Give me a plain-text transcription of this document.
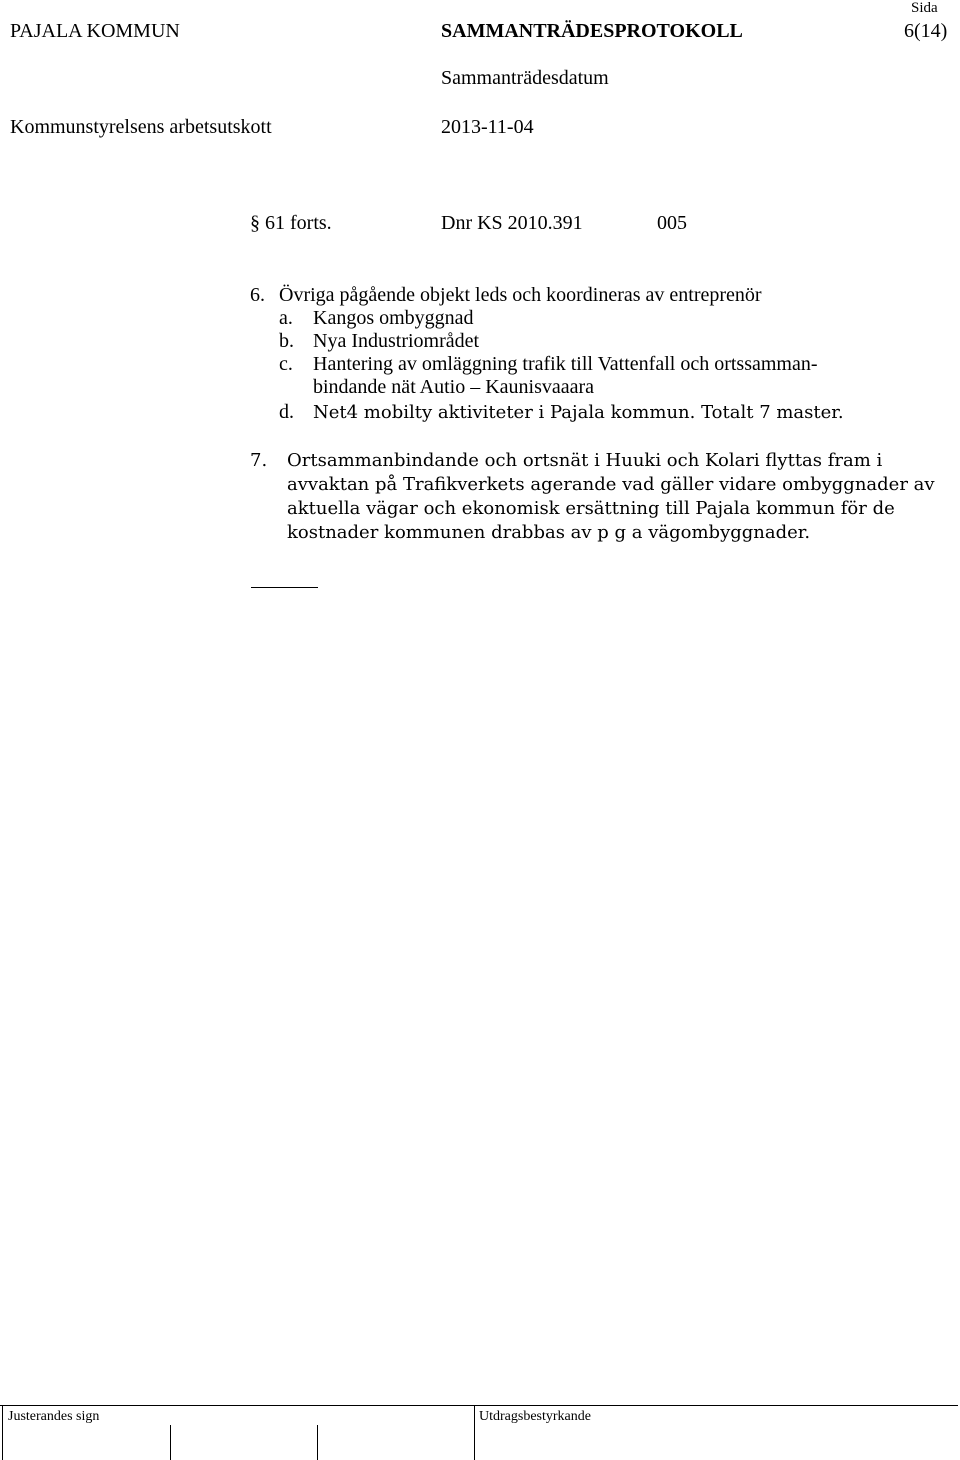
Sida
PAJALA KOMMUN	SAMMANTRÄDESPROTOKOLL	6(14)
Sammanträdesdatum
Kommunstyrelsens arbetsutskott	2013-11-04
§ 61 forts.	Dnr KS 2010.391	005
6. Övriga pågående objekt leds och koordineras av entreprenör
a. Kangos ombyggnad
b. Nya Industriområdet
c. Hantering av omläggning trafik till Vattenfall och ortssamman-
bindande nät Autio – Kaunisvaaara
d. Net4 mobilty aktiviteter i Pajala kommun. Totalt 7 master.
7. Ortsammanbindande och ortsnät i Huuki och Kolari flyttas fram i
avvaktan på Trafikverkets agerande vad gäller vidare ombyggnader av
aktuella vägar och ekonomisk ersättning till Pajala kommun för de
kostnader kommunen drabbas av p g a vägombyggnader.
Justerandes sign	Utdragsbestyrkande
